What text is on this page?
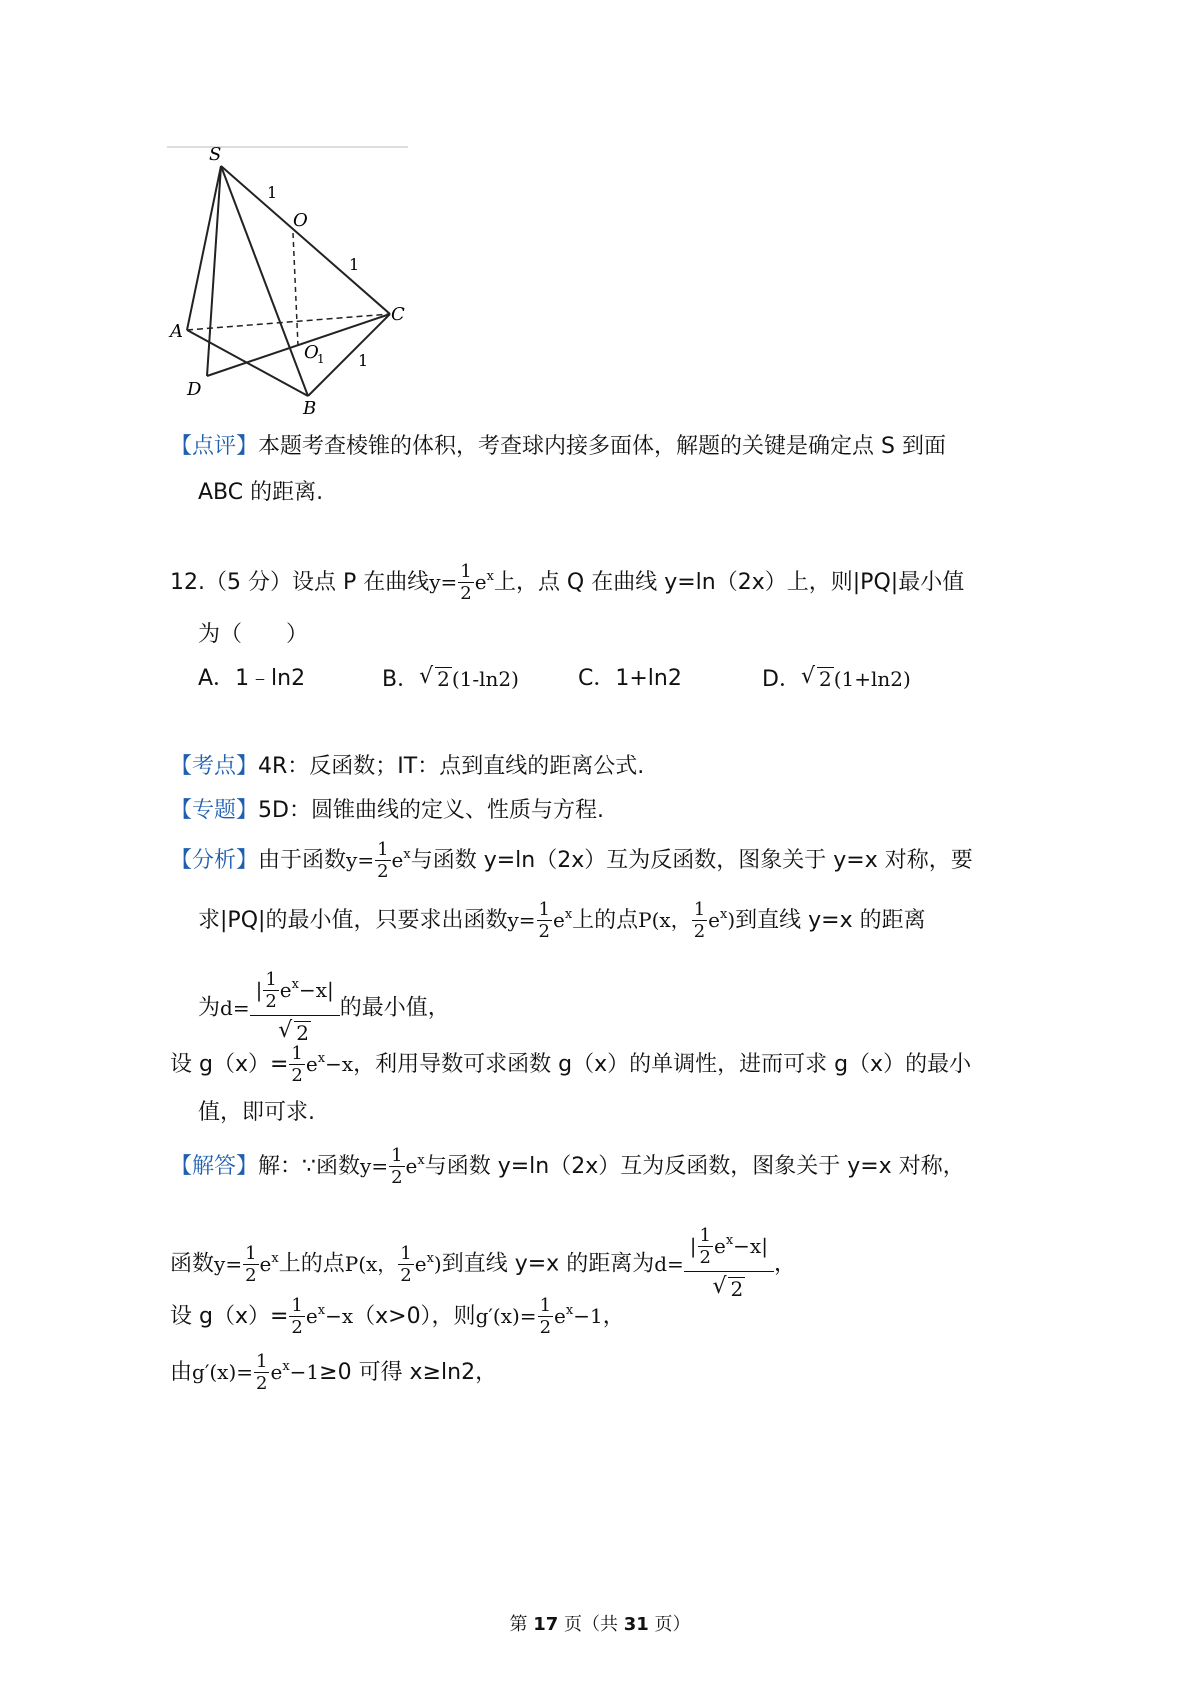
S
O
C
A
O
1
D
B
1
1
1
【点评】本题考查棱锥的体积，考查球内接多面体，解题的关键是确定点 S 到面
ABC 的距离.
12.（5 分）设点 P 在曲线$y= \frac{1}{2} e^x$上，点 Q 在曲线 y=ln（2x）上，则|PQ|最小值
为（　　）
A．1﹣ln2	B． √ 2 (1-ln2)	C．1+ln2	D． √ 2 (1+ln2)
【考点】4R：反函数；IT：点到直线的距离公式.
【专题】5D：圆锥曲线的定义、性质与方程.
【分析】由于函数$y= \frac{1}{2} e^x$与函数 y=ln（2x）互为反函数，图象关于 y=x 对称，要
求|PQ|的最小值，只要求出函数$y= \frac{1}{2} e^x$上的点P(x， $\frac{1}{2} e^x$)到直线 y=x 的距离
为d= | $\frac{1}{2} e^x-x|$
√ 2 的最小值，
设 $g(x)= \frac{1}{2} e^x-x$，利用导数可求函数 g（x）的单调性，进而可求 g（x）的最小
值，即可求.
【解答】解：∵函数$y= \frac{1}{2} e^x$与函数 y=ln（2x）互为反函数，图象关于 y=x 对称，
函数$y= \frac{1}{2} e^x$上的点P(x， $\frac{1}{2} e^x$)到直线 y=x 的距离为d= | $\frac{1}{2} e^x-x|$
√ 2 ，
设 $g(x)= \frac{1}{2} e^x-x(x>0)$，则$g'(x)= \frac{1}{2} e^x-1$，
由$g'(x)= \frac{1}{2} e^x-1\ge 0$ 可得 x≥ln2，
第 17 页（共 31 页）
